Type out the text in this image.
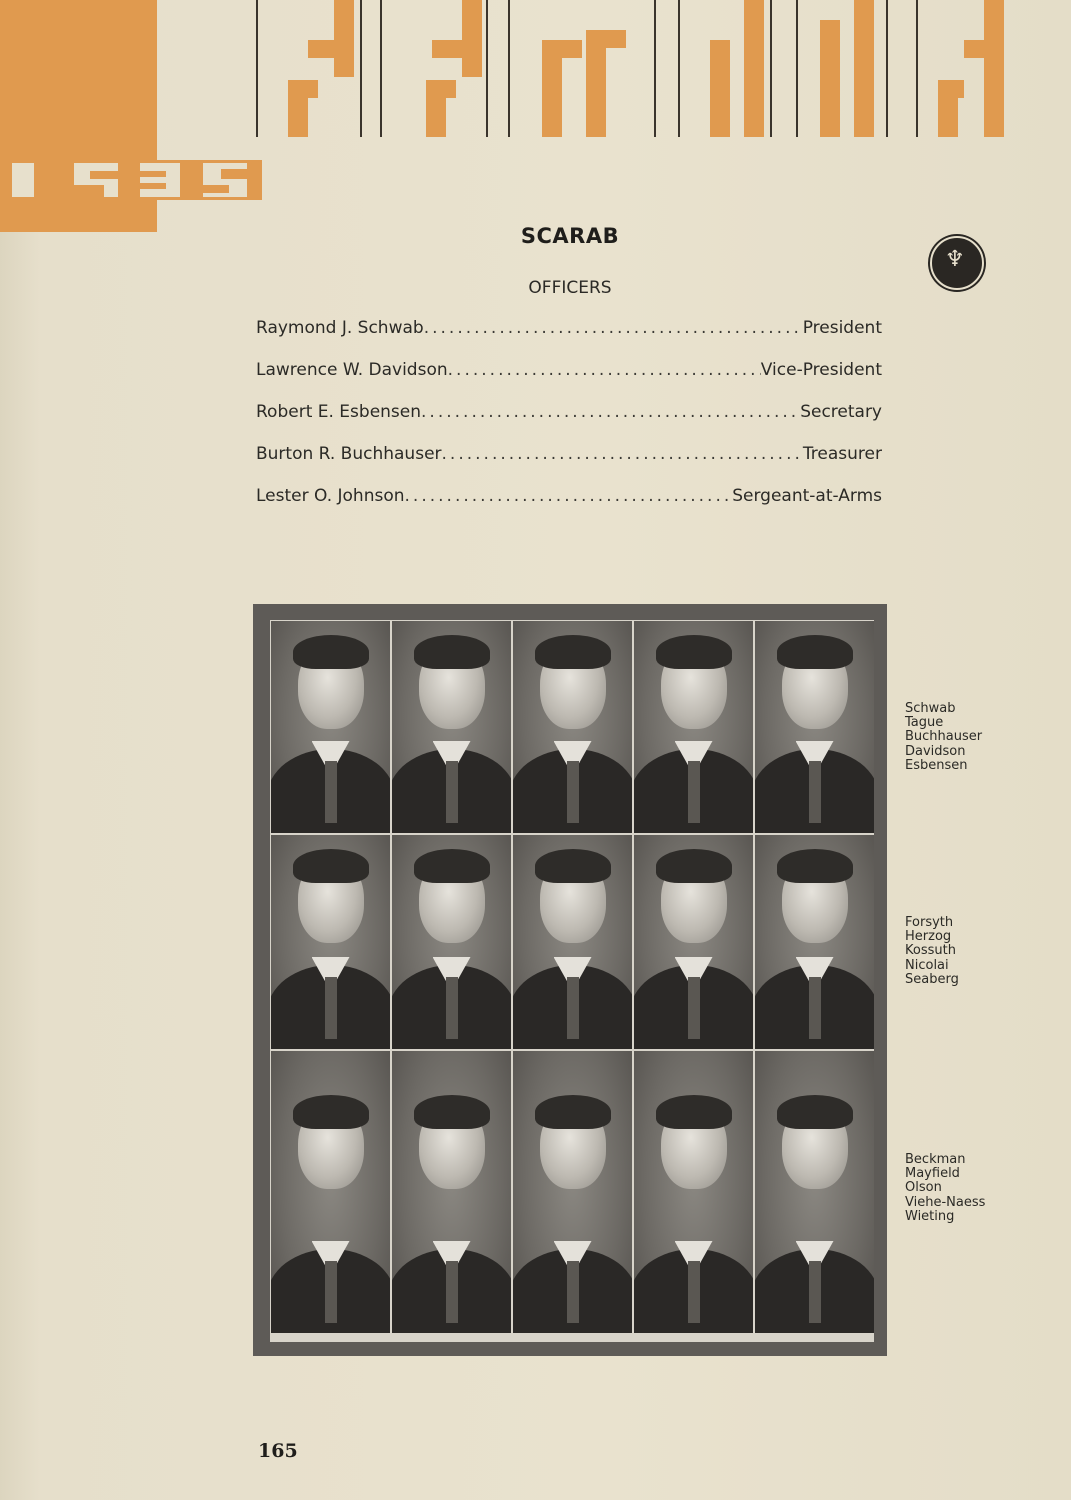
SCARAB
OFFICERS
♆
Raymond J. Schwab .....	President
Lawrence W. Davidson .....	Vice-President
Robert E. Esbensen .....	Secretary
Burton R. Buchhauser .....	Treasurer
Lester O. Johnson .....	Sergeant-at-Arms
Schwab
Tague
Buchhauser
Davidson
Esbensen
Forsyth
Herzog
Kossuth
Nicolai
Seaberg
Beckman
Mayfield
Olson
Viehe-Naess
Wieting
165
